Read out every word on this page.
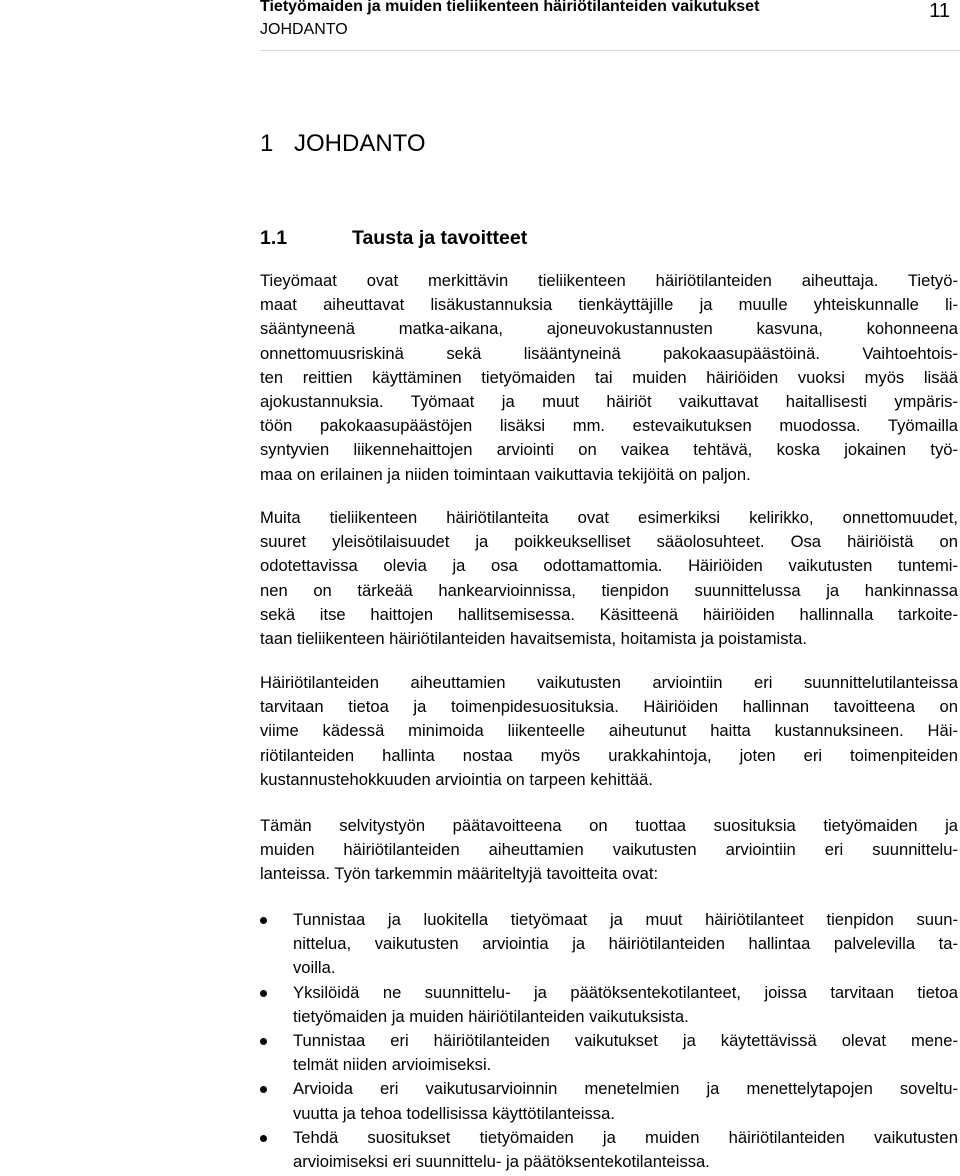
Tietyömaiden ja muiden tieliikenteen häiriötilanteiden vaikutukset
JOHDANTO
11
1 JOHDANTO
1.1	Tausta ja tavoitteet
Tieyömaat ovat merkittävin tieliikenteen häiriötilanteiden aiheuttaja. Tietyö-
maat aiheuttavat lisäkustannuksia tienkäyttäjille ja muulle yhteiskunnalle li-
sääntyneenä matka-aikana, ajoneuvokustannusten kasvuna, kohonneena
onnettomuusriskinä sekä lisääntyneinä pakokaasupäästöinä. Vaihtoehtois-
ten reittien käyttäminen tietyömaiden tai muiden häiriöiden vuoksi myös lisää
ajokustannuksia. Työmaat ja muut häiriöt vaikuttavat haitallisesti ympäris-
töön pakokaasupäästöjen lisäksi mm. estevaikutuksen muodossa. Työmailla
syntyvien liikennehaittojen arviointi on vaikea tehtävä, koska jokainen työ-
maa on erilainen ja niiden toimintaan vaikuttavia tekijöitä on paljon.
Muita tieliikenteen häiriötilanteita ovat esimerkiksi kelirikko, onnettomuudet,
suuret yleisötilaisuudet ja poikkeukselliset sääolosuhteet. Osa häiriöistä on
odotettavissa olevia ja osa odottamattomia. Häiriöiden vaikutusten tuntemi-
nen on tärkeää hankearvioinnissa, tienpidon suunnittelussa ja hankinnassa
sekä itse haittojen hallitsemisessa. Käsitteenä häiriöiden hallinnalla tarkoite-
taan tieliikenteen häiriötilanteiden havaitsemista, hoitamista ja poistamista.
Häiriötilanteiden aiheuttamien vaikutusten arviointiin eri suunnittelutilanteissa
tarvitaan tietoa ja toimenpidesuosituksia. Häiriöiden hallinnan tavoitteena on
viime kädessä minimoida liikenteelle aiheutunut haitta kustannuksineen. Häi-
riötilanteiden hallinta nostaa myös urakkahintoja, joten eri toimenpiteiden
kustannustehokkuuden arviointia on tarpeen kehittää.
Tämän selvitystyön päätavoitteena on tuottaa suosituksia tietyömaiden ja
muiden häiriötilanteiden aiheuttamien vaikutusten arviointiin eri suunnittelu-
lanteissa. Työn tarkemmin määriteltyjä tavoitteita ovat:
Tunnistaa ja luokitella tietyömaat ja muut häiriötilanteet tienpidon suun-
nittelua, vaikutusten arviointia ja häiriötilanteiden hallintaa palvelevilla ta-
voilla.
Yksilöidä ne suunnittelu- ja päätöksentekotilanteet, joissa tarvitaan tietoa
tietyömaiden ja muiden häiriötilanteiden vaikutuksista.
Tunnistaa eri häiriötilanteiden vaikutukset ja käytettävissä olevat mene-
telmät niiden arvioimiseksi.
Arvioida eri vaikutusarvioinnin menetelmien ja menettelytapojen soveltu-
vuutta ja tehoa todellisissa käyttötilanteissa.
Tehdä suositukset tietyömaiden ja muiden häiriötilanteiden vaikutusten
arvioimiseksi eri suunnittelu- ja päätöksentekotilanteissa.
